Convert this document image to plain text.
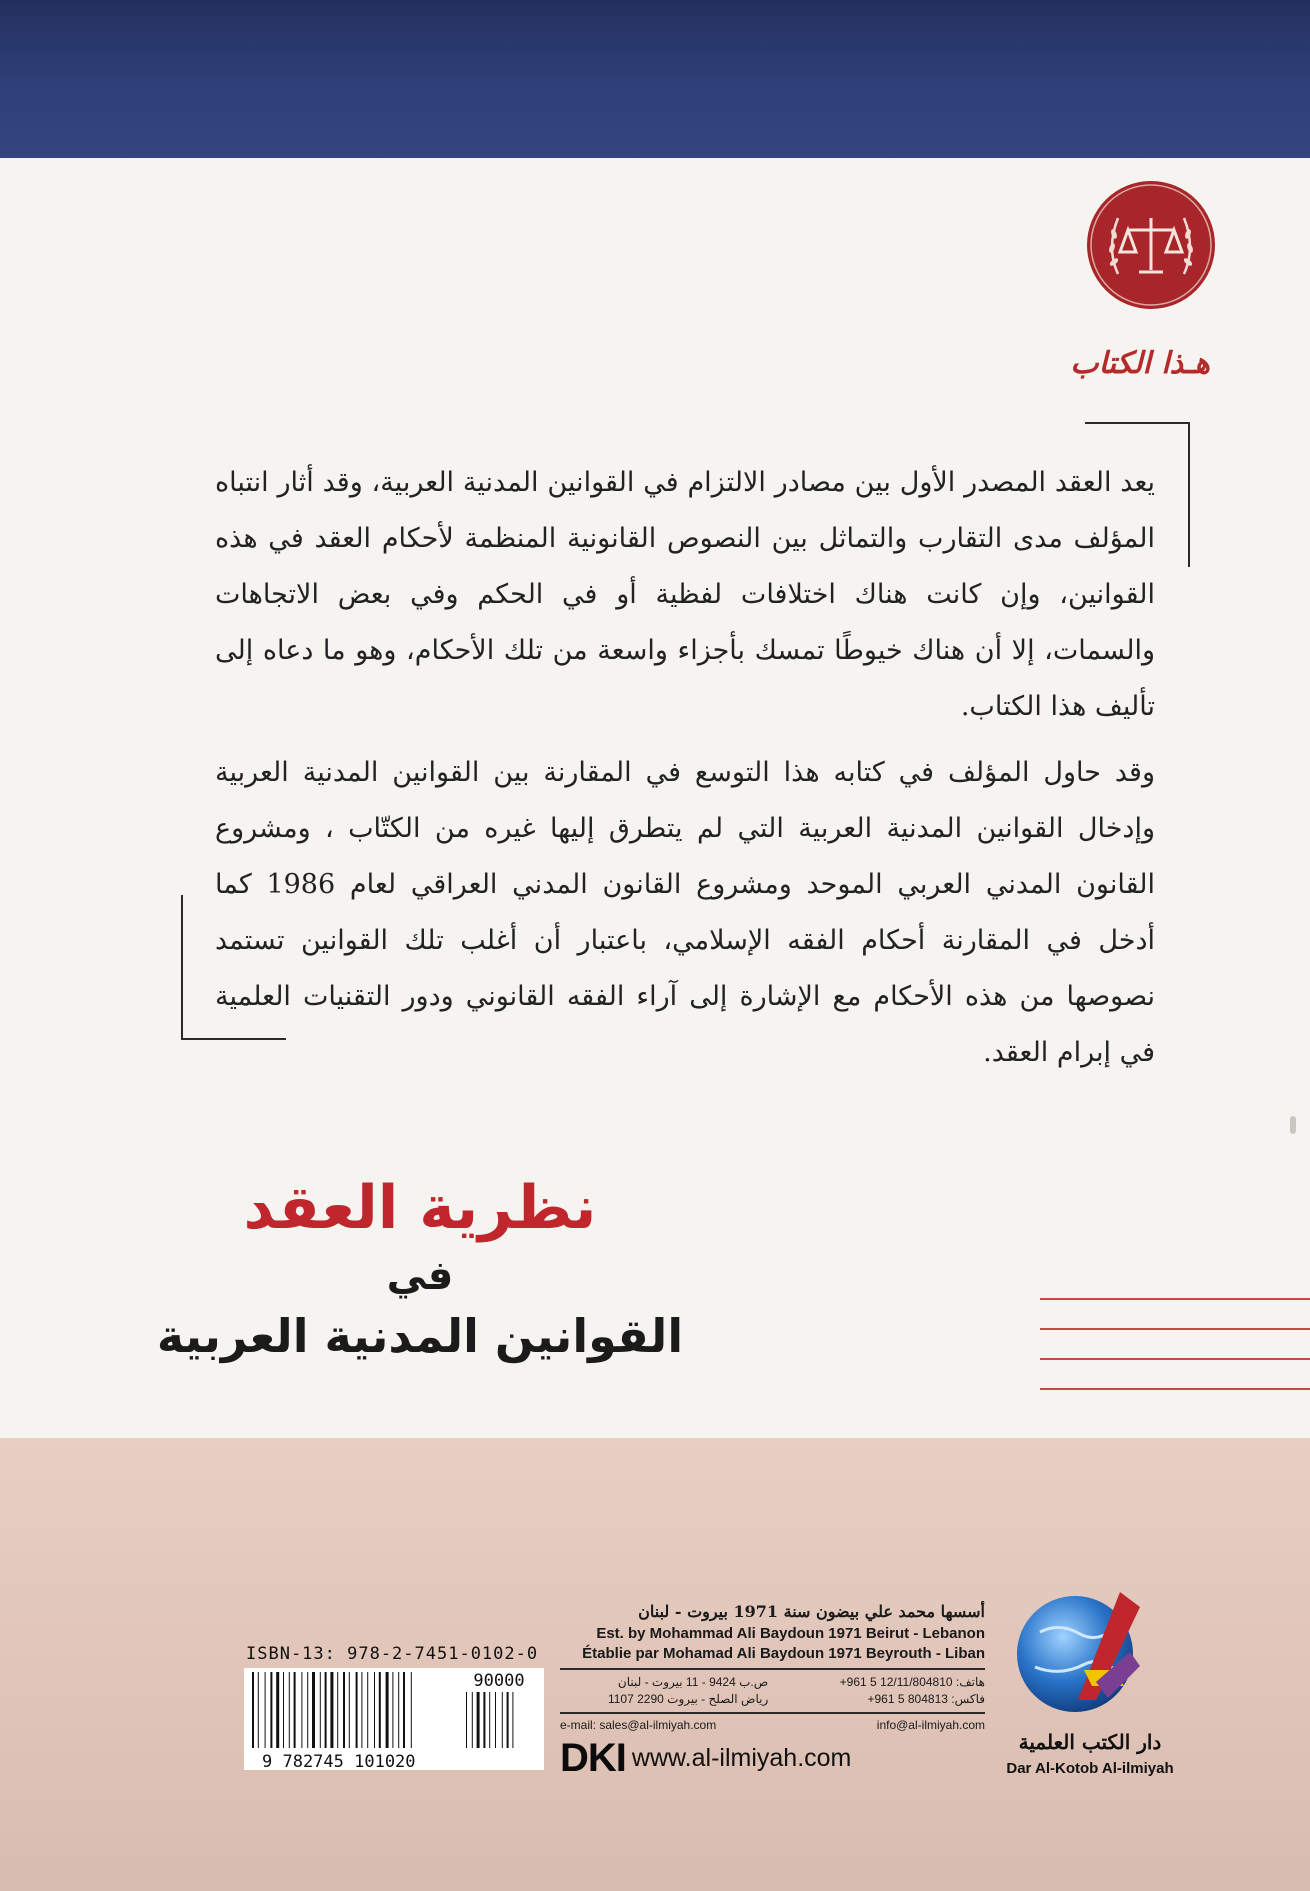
هـذا الكتاب

يعد العقد المصدر الأول بين مصادر الالتزام في القوانين المدنية العربية، وقد أثار انتباه المؤلف مدى التقارب والتماثل بين النصوص القانونية المنظمة لأحكام العقد في هذه القوانين، وإن كانت هناك اختلافات لفظية أو في الحكم وفي بعض الاتجاهات والسمات، إلا أن هناك خيوطًا تمسك بأجزاء واسعة من تلك الأحكام، وهو ما دعاه إلى تأليف هذا الكتاب.

وقد حاول المؤلف في كتابه هذا التوسع في المقارنة بين القوانين المدنية العربية وإدخال القوانين المدنية العربية التي لم يتطرق إليها غيره من الكتّاب ، ومشروع القانون المدني العربي الموحد ومشروع القانون المدني العراقي لعام 1986 كما أدخل في المقارنة أحكام الفقه الإسلامي، باعتبار أن أغلب تلك القوانين تستمد نصوصها من هذه الأحكام مع الإشارة إلى آراء الفقه القانوني ودور التقنيات العلمية في إبرام العقد.

نظرية العقد
في
القوانين المدنية العربية
ISBN-13: 978-2-7451-0102-0
9 782745 101020
90000
أسسها محمد علي بيضون سنة 1971 بيروت - لبنان
Est. by Mohammad Ali Baydoun 1971 Beirut - Lebanon
Établie par Mohamad Ali Baydoun 1971 Beyrouth - Liban
ص.ب 9424 - 11 بيروت - لبنان
رياض الصلح - بيروت 2290 1107
هاتف: 12/11/804810 5 961+
فاكس: 804813 5 961+
e-mail: sales@al-ilmiyah.com	info@al-ilmiyah.com
DKI www.al-ilmiyah.com
دار الكتب العلمية
Dar Al-Kotob Al-ilmiyah
